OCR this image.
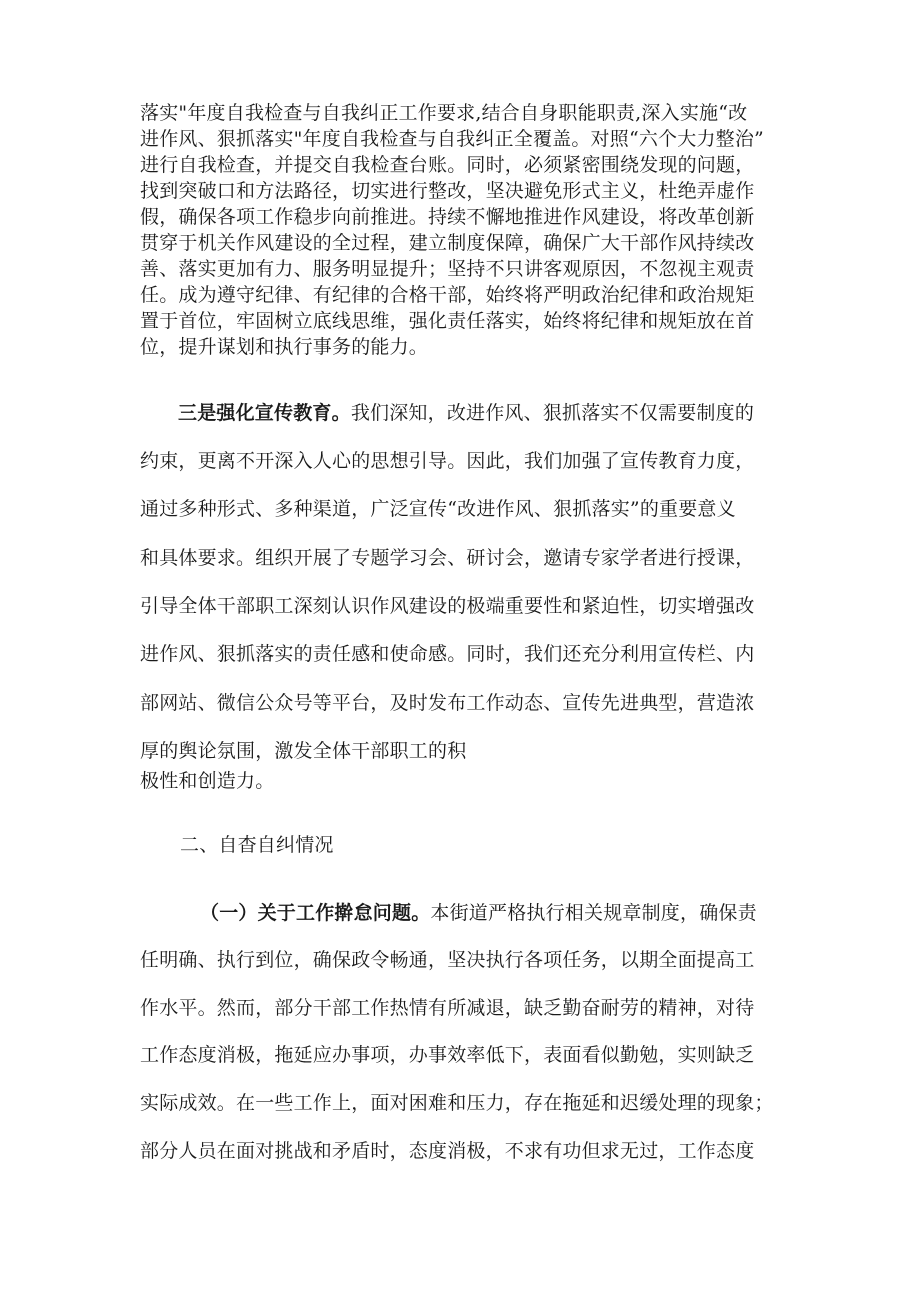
落实"年度自我检查与自我纠正工作要求,结合自身职能职责,深入实施“改
进作风、狠抓落实"年度自我检查与自我纠正全覆盖。对照“六个大力整治”
进行自我检查，并提交自我检查台账。同时，必须紧密围绕发现的问题，
找到突破口和方法路径，切实进行整改，坚决避免形式主义，杜绝弄虚作
假，确保各项工作稳步向前推进。持续不懈地推进作风建设，将改革创新
贯穿于机关作风建设的全过程，建立制度保障，确保广大干部作风持续改
善、落实更加有力、服务明显提升；坚持不只讲客观原因，不忽视主观责
任。成为遵守纪律、有纪律的合格干部，始终将严明政治纪律和政治规矩
置于首位，牢固树立底线思维，强化责任落实，始终将纪律和规矩放在首
位，提升谋划和执行事务的能力。
三是强化宣传教育。我们深知，改进作风、狠抓落实不仅需要制度的
约束，更离不开深入人心的思想引导。因此，我们加强了宣传教育力度，
通过多种形式、多种渠道，广泛宣传“改进作风、狠抓落实”的重要意义
和具体要求。组织开展了专题学习会、研讨会，邀请专家学者进行授课，
引导全体干部职工深刻认识作风建设的极端重要性和紧迫性，切实增强改
进作风、狠抓落实的责任感和使命感。同时，我们还充分利用宣传栏、内
部网站、微信公众号等平台，及时发布工作动态、宣传先进典型，营造浓
厚的舆论氛围，激发全体干部职工的积
极性和创造力。
二、自杳自纠情况
（一）关于工作擀怠问题。本街道严格执行相关规章制度，确保责
任明确、执行到位，确保政令畅通，坚决执行各项任务，以期全面提高工
作水平。然而，部分干部工作热情有所减退，缺乏勤奋耐劳的精神，对待
工作态度消极，拖延应办事项，办事效率低下，表面看似勤勉，实则缺乏
实际成效。在一些工作上，面对困难和压力，存在拖延和迟缓处理的现象；
部分人员在面对挑战和矛盾时，态度消极，不求有功但求无过，工作态度
